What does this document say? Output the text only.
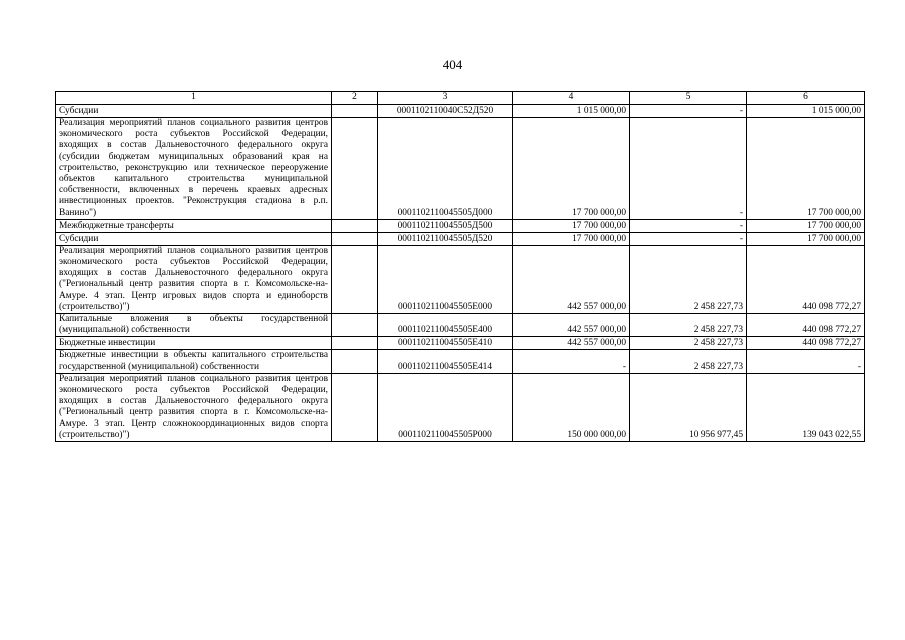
404
1	2	3	4	5	6
Субсидии		0001102110040С52Д520	1 015 000,00	-	1 015 000,00
Реализация мероприятий планов социального развития центров экономического роста субъектов Российской Федерации, входящих в состав Дальневосточного федерального округа (субсидии бюджетам муниципальных образований края на строительство, реконструкцию или техническое переоружение объектов капитального строительства муниципальной собственности, включенных в перечень краевых адресных инвестиционных проектов. "Реконструкция стадиона в р.п. Ванино")		0001102110045505Д000	17 700 000,00	-	17 700 000,00
Межбюджетные трансферты		0001102110045505Д500	17 700 000,00	-	17 700 000,00
Субсидии		0001102110045505Д520	17 700 000,00	-	17 700 000,00
Реализация мероприятий планов социального развития центров экономического роста субъектов Российской Федерации, входящих в состав Дальневосточного федерального округа ("Региональный центр развития спорта в г. Комсомольске-на-Амуре. 4 этап. Центр игровых видов спорта и единоборств (строительство)")		0001102110045505Е000	442 557 000,00	2 458 227,73	440 098 772,27
Капитальные вложения в объекты государственной (муниципальной) собственности		0001102110045505Е400	442 557 000,00	2 458 227,73	440 098 772,27
Бюджетные инвестиции		0001102110045505Е410	442 557 000,00	2 458 227,73	440 098 772,27
Бюджетные инвестиции в объекты капитального строительства государственной (муниципальной) собственности		0001102110045505Е414	-	2 458 227,73	-
Реализация мероприятий планов социального развития центров экономического роста субъектов Российской Федерации, входящих в состав Дальневосточного федерального округа ("Региональный центр развития спорта в г. Комсомольске-на-Амуре. 3 этап. Центр сложнокоординационных видов спорта (строительство)")		0001102110045505Р000	150 000 000,00	10 956 977,45	139 043 022,55
